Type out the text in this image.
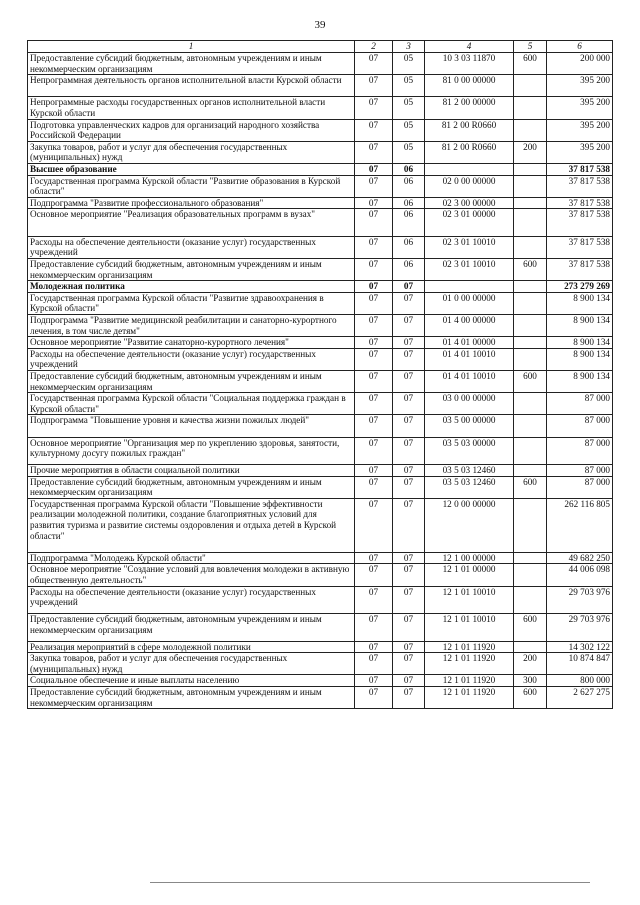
39
1	2	3	4	5	6
Предоставление субсидий бюджетным, автономным учреждениям и иным некоммерческим организациям	07	05	10 3 03 11870	600	200 000
Непрограммная деятельность органов исполнительной власти Курской области	07	05	81 0 00 00000		395 200
Непрограммные расходы государственных органов исполнительной власти Курской области	07	05	81 2 00 00000		395 200
Подготовка управленческих кадров для организаций народного хозяйства Российской Федерации	07	05	81 2 00 R0660		395 200
Закупка товаров, работ и услуг для обеспечения государственных (муниципальных) нужд	07	05	81 2 00 R0660	200	395 200
Высшее образование	07	06			37 817 538
Государственная программа Курской области "Развитие образования в Курской области"	07	06	02 0 00 00000		37 817 538
Подпрограмма "Развитие профессионального образования"	07	06	02 3 00 00000		37 817 538
Основное мероприятие "Реализация образовательных программ в вузах"	07	06	02 3 01 00000		37 817 538
Расходы на обеспечение деятельности (оказание услуг) государственных учреждений	07	06	02 3 01 10010		37 817 538
Предоставление субсидий бюджетным, автономным учреждениям и иным некоммерческим организациям	07	06	02 3 01 10010	600	37 817 538
Молодежная политика	07	07			273 279 269
Государственная программа Курской области "Развитие здравоохранения в Курской области"	07	07	01 0 00 00000		8 900 134
Подпрограмма "Развитие медицинской реабилитации и санаторно-курортного лечения, в том числе детям"	07	07	01 4 00 00000		8 900 134
Основное мероприятие "Развитие санаторно-курортного лечения"	07	07	01 4 01 00000		8 900 134
Расходы на обеспечение деятельности (оказание услуг) государственных учреждений	07	07	01 4 01 10010		8 900 134
Предоставление субсидий бюджетным, автономным учреждениям и иным некоммерческим организациям	07	07	01 4 01 10010	600	8 900 134
Государственная программа Курской области "Социальная поддержка граждан в Курской области"	07	07	03 0 00 00000		87 000
Подпрограмма "Повышение уровня и качества жизни пожилых людей"	07	07	03 5 00 00000		87 000
Основное мероприятие "Организация мер по укреплению здоровья, занятости, культурному досугу пожилых граждан"	07	07	03 5 03 00000		87 000
Прочие мероприятия в области социальной политики	07	07	03 5 03 12460		87 000
Предоставление субсидий бюджетным, автономным учреждениям и иным некоммерческим организациям	07	07	03 5 03 12460	600	87 000
Государственная программа Курской области "Повышение эффективности реализации молодежной политики, создание благоприятных условий для развития туризма и развитие системы оздоровления и отдыха детей в Курской области"	07	07	12 0 00 00000		262 116 805
Подпрограмма "Молодежь Курской области"	07	07	12 1 00 00000		49 682 250
Основное мероприятие "Создание условий для вовлечения молодежи в активную общественную деятельность"	07	07	12 1 01 00000		44 006 098
Расходы на обеспечение деятельности (оказание услуг) государственных учреждений	07	07	12 1 01 10010		29 703 976
Предоставление субсидий бюджетным, автономным учреждениям и иным некоммерческим организациям	07	07	12 1 01 10010	600	29 703 976
Реализация мероприятий в сфере молодежной политики	07	07	12 1 01 11920		14 302 122
Закупка товаров, работ и услуг для обеспечения государственных (муниципальных) нужд	07	07	12 1 01 11920	200	10 874 847
Социальное обеспечение и иные выплаты населению	07	07	12 1 01 11920	300	800 000
Предоставление субсидий бюджетным, автономным учреждениям и иным некоммерческим организациям	07	07	12 1 01 11920	600	2 627 275
